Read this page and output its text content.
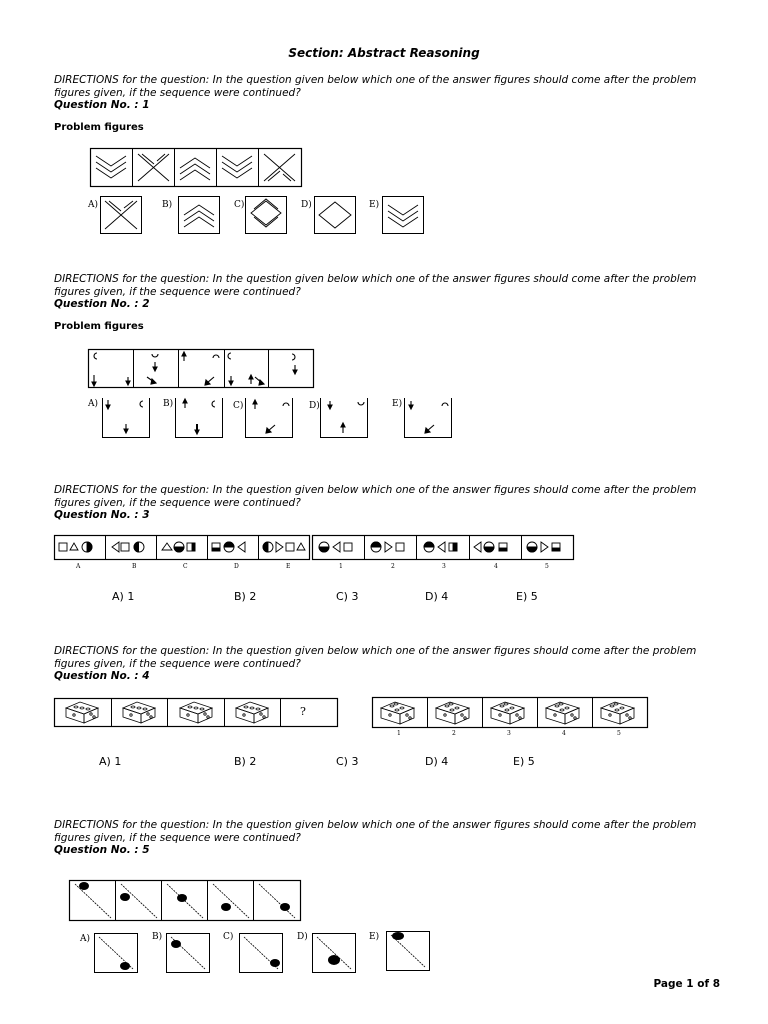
Section: Abstract Reasoning
DIRECTIONS for the question: In the question given below which one of the answer figures should come after the problem figures given, if the sequence were continued?
Question No. : 1
Problem figures
A)	B)	C)	D)	E)
DIRECTIONS for the question: In the question given below which one of the answer figures should come after the problem figures given, if the sequence were continued?
Question No. : 2
Problem figures
A)	B)	C)	D)	E)
DIRECTIONS for the question: In the question given below which one of the answer figures should come after the problem figures given, if the sequence were continued?
Question No. : 3
A	B	C	D	E	1	2	3	4	5
A) 1	B) 2	C) 3	D) 4	E) 5
DIRECTIONS for the question: In the question given below which one of the answer figures should come after the problem figures given, if the sequence were continued?
Question No. : 4
?
1	2	3	4	5
A) 1	B) 2	C) 3	D) 4	E) 5
DIRECTIONS for the question: In the question given below which one of the answer figures should come after the problem figures given, if the sequence were continued?
Question No. : 5
A)	B)	C)	D)	E)
Page 1 of 8
